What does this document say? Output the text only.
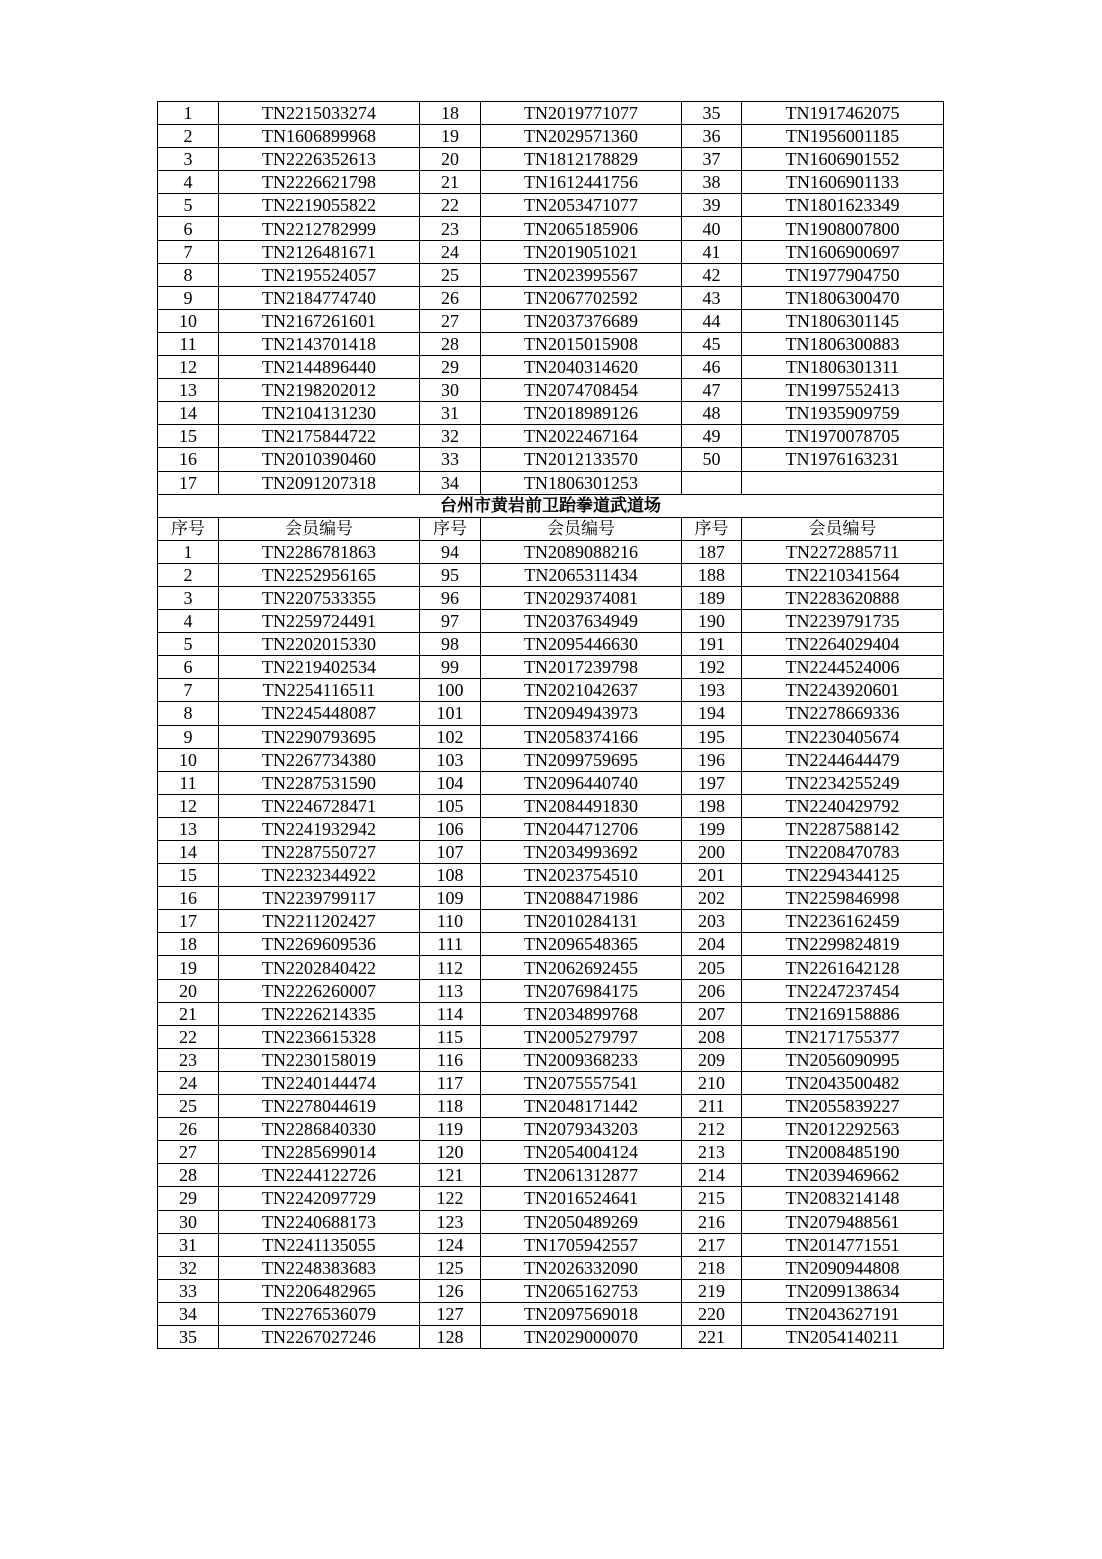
1	TN2215033274	18	TN2019771077	35	TN1917462075
2	TN1606899968	19	TN2029571360	36	TN1956001185
3	TN2226352613	20	TN1812178829	37	TN1606901552
4	TN2226621798	21	TN1612441756	38	TN1606901133
5	TN2219055822	22	TN2053471077	39	TN1801623349
6	TN2212782999	23	TN2065185906	40	TN1908007800
7	TN2126481671	24	TN2019051021	41	TN1606900697
8	TN2195524057	25	TN2023995567	42	TN1977904750
9	TN2184774740	26	TN2067702592	43	TN1806300470
10	TN2167261601	27	TN2037376689	44	TN1806301145
11	TN2143701418	28	TN2015015908	45	TN1806300883
12	TN2144896440	29	TN2040314620	46	TN1806301311
13	TN2198202012	30	TN2074708454	47	TN1997552413
14	TN2104131230	31	TN2018989126	48	TN1935909759
15	TN2175844722	32	TN2022467164	49	TN1970078705
16	TN2010390460	33	TN2012133570	50	TN1976163231
17	TN2091207318	34	TN1806301253		
台州市黄岩前卫跆拳道武道场					
序号	会员编号	序号	会员编号	序号	会员编号
1	TN2286781863	94	TN2089088216	187	TN2272885711
2	TN2252956165	95	TN2065311434	188	TN2210341564
3	TN2207533355	96	TN2029374081	189	TN2283620888
4	TN2259724491	97	TN2037634949	190	TN2239791735
5	TN2202015330	98	TN2095446630	191	TN2264029404
6	TN2219402534	99	TN2017239798	192	TN2244524006
7	TN2254116511	100	TN2021042637	193	TN2243920601
8	TN2245448087	101	TN2094943973	194	TN2278669336
9	TN2290793695	102	TN2058374166	195	TN2230405674
10	TN2267734380	103	TN2099759695	196	TN2244644479
11	TN2287531590	104	TN2096440740	197	TN2234255249
12	TN2246728471	105	TN2084491830	198	TN2240429792
13	TN2241932942	106	TN2044712706	199	TN2287588142
14	TN2287550727	107	TN2034993692	200	TN2208470783
15	TN2232344922	108	TN2023754510	201	TN2294344125
16	TN2239799117	109	TN2088471986	202	TN2259846998
17	TN2211202427	110	TN2010284131	203	TN2236162459
18	TN2269609536	111	TN2096548365	204	TN2299824819
19	TN2202840422	112	TN2062692455	205	TN2261642128
20	TN2226260007	113	TN2076984175	206	TN2247237454
21	TN2226214335	114	TN2034899768	207	TN2169158886
22	TN2236615328	115	TN2005279797	208	TN2171755377
23	TN2230158019	116	TN2009368233	209	TN2056090995
24	TN2240144474	117	TN2075557541	210	TN2043500482
25	TN2278044619	118	TN2048171442	211	TN2055839227
26	TN2286840330	119	TN2079343203	212	TN2012292563
27	TN2285699014	120	TN2054004124	213	TN2008485190
28	TN2244122726	121	TN2061312877	214	TN2039469662
29	TN2242097729	122	TN2016524641	215	TN2083214148
30	TN2240688173	123	TN2050489269	216	TN2079488561
31	TN2241135055	124	TN1705942557	217	TN2014771551
32	TN2248383683	125	TN2026332090	218	TN2090944808
33	TN2206482965	126	TN2065162753	219	TN2099138634
34	TN2276536079	127	TN2097569018	220	TN2043627191
35	TN2267027246	128	TN2029000070	221	TN2054140211
